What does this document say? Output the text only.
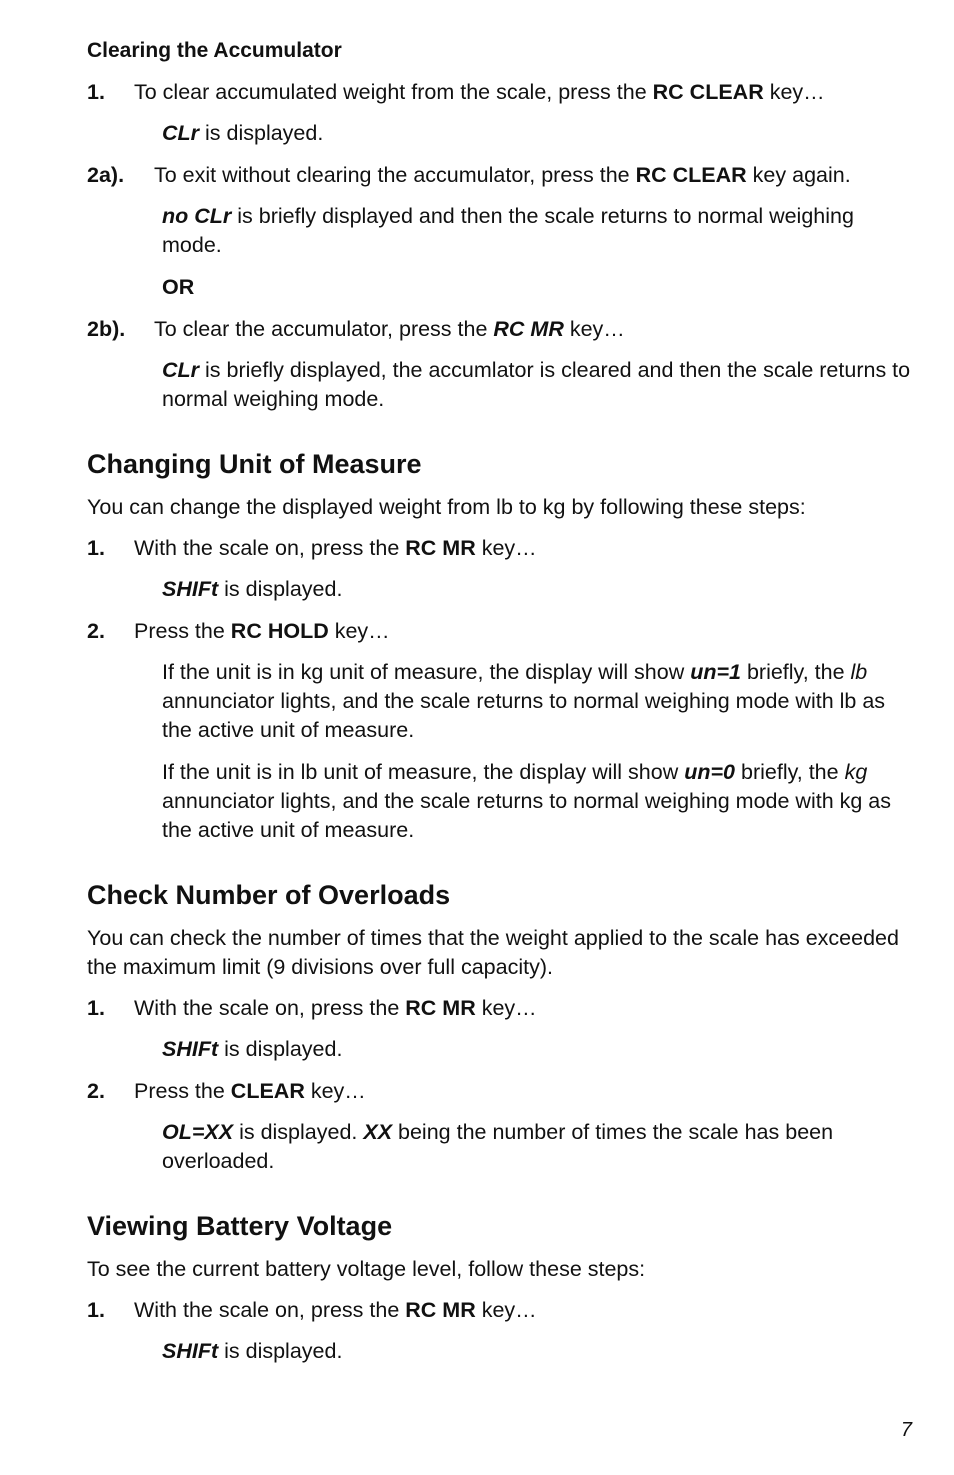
Clearing the Accumulator
1.	To clear accumulated weight from the scale, press the RC CLEAR key…
CLr is displayed.
2a).	To exit without clearing the accumulator, press the RC CLEAR key again.
no CLr is briefly displayed and then the scale returns to normal weighing mode.
OR
2b).	To clear the accumulator, press the RC MR key…
CLr is briefly displayed, the accumlator is cleared and then the scale returns to normal weighing mode.
Changing Unit of Measure
You can change the displayed weight from lb to kg by following these steps:
1.	With the scale on, press the RC MR key…
SHIFt is displayed.
2.	Press the RC HOLD key…
If the unit is in kg unit of measure, the display will show un=1 briefly, the lb annunciator lights, and the scale returns to normal weighing mode with lb as the active unit of measure.
If the unit is in lb unit of measure, the display will show un=0 briefly, the kg annunciator lights, and the scale returns to normal weighing mode with kg as the active unit of measure.
Check Number of Overloads
You can check the number of times that the weight applied to the scale has exceeded the maximum limit (9 divisions over full capacity).
1.	With the scale on, press the RC MR key…
SHIFt is displayed.
2.	Press the CLEAR key…
OL=XX is displayed. XX being the number of times the scale has been overloaded.
Viewing Battery Voltage
To see the current battery voltage level, follow these steps:
1.	With the scale on, press the RC MR key…
SHIFt is displayed.
7
